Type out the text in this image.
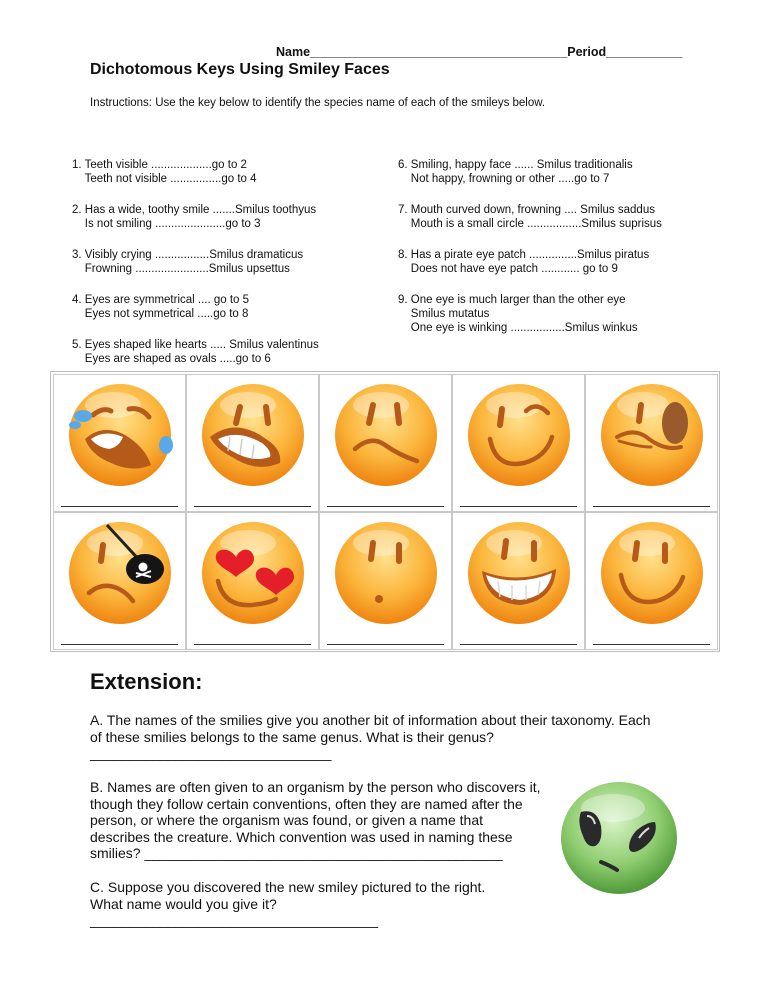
Name_____________________________________Period___________
Dichotomous Keys Using Smiley Faces
Instructions: Use the key below to identify the species name of each of the smileys below.

1. Teeth visible ...................go to 2
Teeth not visible ................go to 4

2. Has a wide, toothy smile .......Smilus toothyus
Is not smiling ......................go to 3

3. Visibly crying .................Smilus dramaticus
Frowning .......................Smilus upsettus

4. Eyes are symmetrical .... go to 5
Eyes not symmetrical .....go to 8

5. Eyes shaped like hearts ..... Smilus valentinus
Eyes are shaped as ovals .....go to 6

6. Smiling, happy face ...... Smilus traditionalis
Not happy, frowning or other .....go to 7

7. Mouth curved down, frowning .... Smilus saddus
Mouth is a small circle .................Smilus suprisus

8. Has a pirate eye patch ...............Smilus piratus
Does not have eye patch ............ go to 9

9. One eye is much larger than the other eye
Smilus mutatus
One eye is winking .................Smilus winkus

Extension:
A. The names of the smilies give you another bit of information about their taxonomy. Each
of these smilies belongs to the same genus. What is their genus?
_______________________________
B. Names are often given to an organism by the person who discovers it,
though they follow certain conventions, often they are named after the
person, or where the organism was found, or given a name that
describes the creature. Which convention was used in naming these
smilies? ______________________________________________
C. Suppose you discovered the new smiley pictured to the right.
What name would you give it?
_____________________________________
